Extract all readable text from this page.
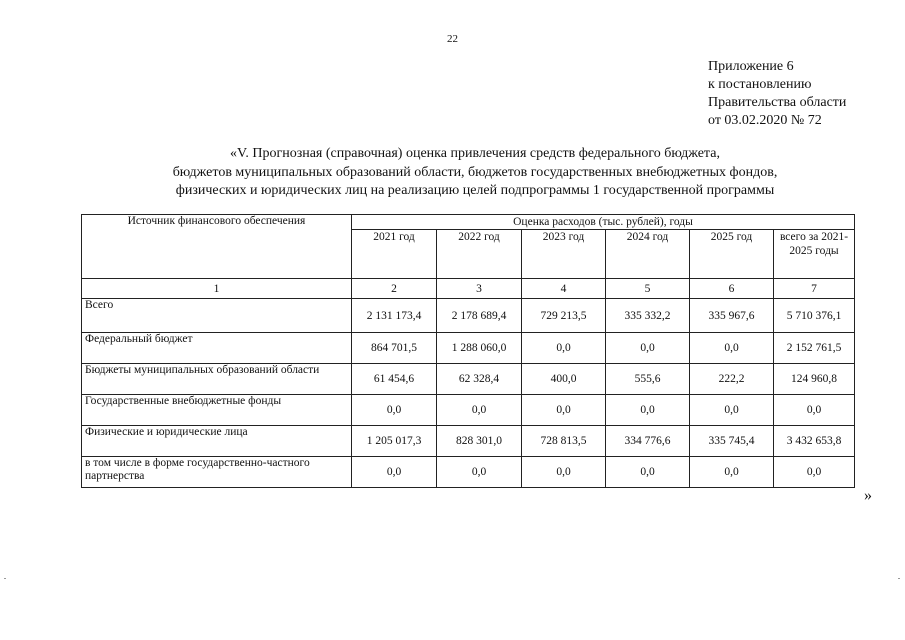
22
Приложение 6
к постановлению
Правительства области
от 03.02.2020 № 72
«V. Прогнозная (справочная) оценка привлечения средств федерального бюджета,
бюджетов муниципальных образований области, бюджетов государственных внебюджетных фондов,
физических и юридических лиц на реализацию целей подпрограммы 1 государственной программы
Источник финансового обеспечения	Оценка расходов (тыс. рублей), годы					
	2021 год	2022 год	2023 год	2024 год	2025 год	всего за 2021-2025 годы
1	2	3	4	5	6	7
Всего	2 131 173,4	2 178 689,4	729 213,5	335 332,2	335 967,6	5 710 376,1
Федеральный бюджет	864 701,5	1 288 060,0	0,0	0,0	0,0	2 152 761,5
Бюджеты муниципальных образований области	61 454,6	62 328,4	400,0	555,6	222,2	124 960,8
Государственные внебюджетные фонды	0,0	0,0	0,0	0,0	0,0	0,0
Физические и юридические лица	1 205 017,3	828 301,0	728 813,5	334 776,6	335 745,4	3 432 653,8
в том числе в форме государственно-частного партнерства	0,0	0,0	0,0	0,0	0,0	0,0
»
